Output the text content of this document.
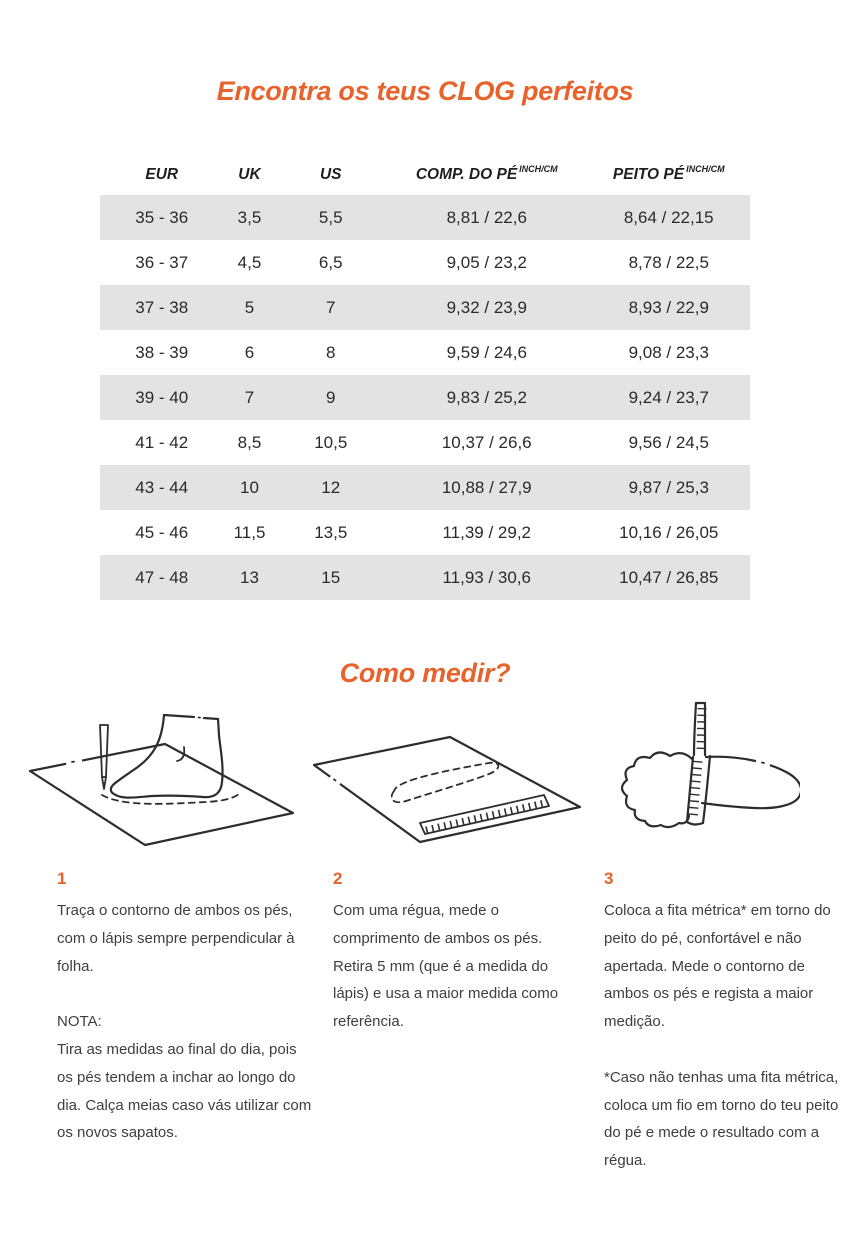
Encontra os teus CLOG perfeitos
EUR	UK	US	COMP. DO PÉ $^{INCH/CM}$	PEITO PÉ $^{INCH/CM}$
35 - 36	3,5	5,5	8,81 / 22,6	8,64 / 22,15
36 - 37	4,5	6,5	9,05 / 23,2	8,78 / 22,5
37 - 38	5	7	9,32 / 23,9	8,93 / 22,9
38 - 39	6	8	9,59 / 24,6	9,08 / 23,3
39 - 40	7	9	9,83 / 25,2	9,24 / 23,7
41 - 42	8,5	10,5	10,37 / 26,6	9,56 / 24,5
43 - 44	10	12	10,88 / 27,9	9,87 / 25,3
45 - 46	11,5	13,5	11,39 / 29,2	10,16 / 26,05
47 - 48	13	15	11,93 / 30,6	10,47 / 26,85
Como medir?
1

Traça o contorno de ambos os pés, com o lápis sempre perpendicular à folha.

NOTA:

Tira as medidas ao final do dia, pois os pés tendem a inchar ao longo do dia. Calça meias caso vás utilizar com os novos sapatos.

2

Com uma régua, mede o comprimento de ambos os pés. Retira 5 mm (que é a medida do lápis) e usa a maior medida como referência.

3

Coloca a fita métrica* em torno do peito do pé, confortável e não apertada. Mede o contorno de ambos os pés e regista a maior medição.

*Caso não tenhas uma fita métrica, coloca um fio em torno do teu peito do pé e mede o resultado com a régua.
